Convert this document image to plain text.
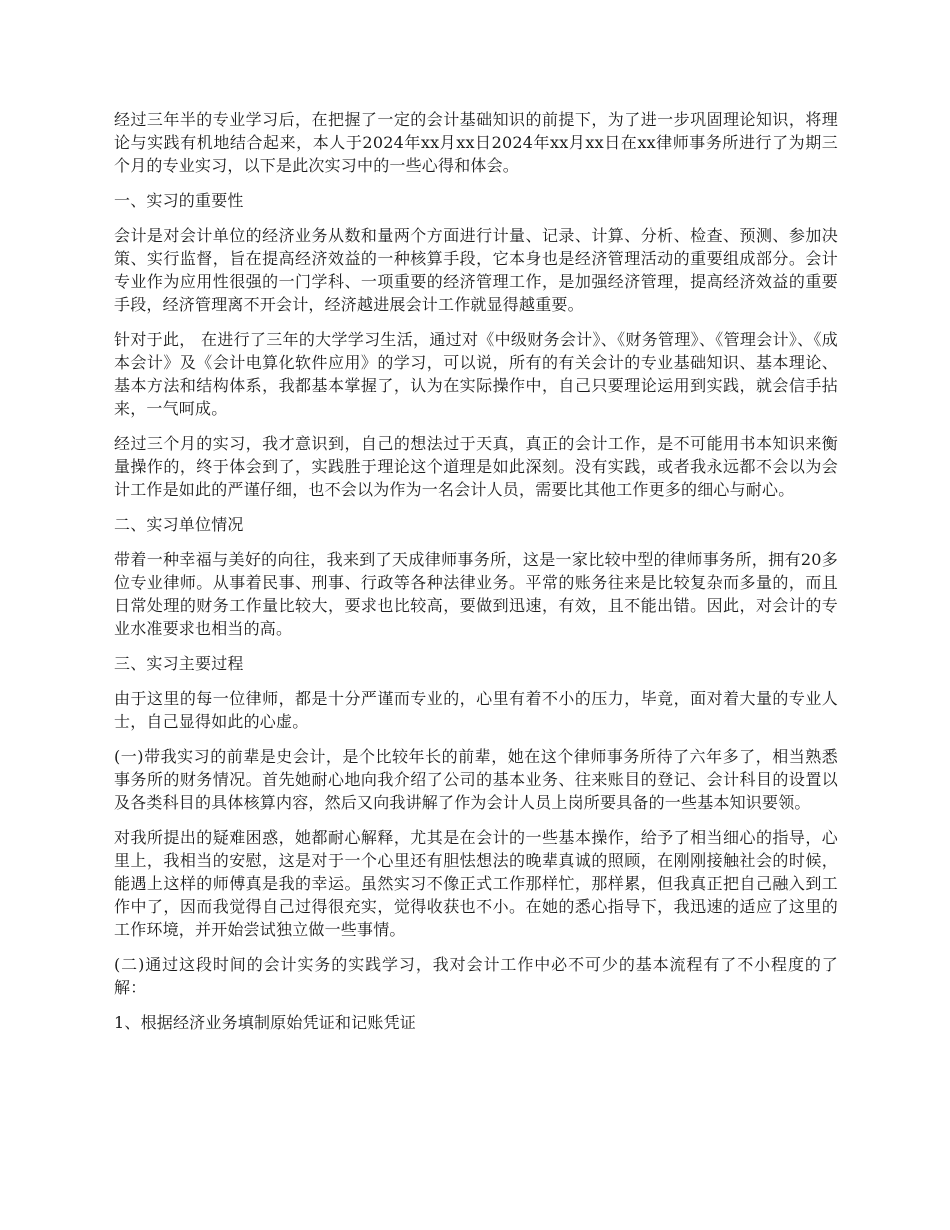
经过三年半的专业学习后，在把握了一定的会计基础知识的前提下，为了进一步巩固理论知识，将理论与实践有机地结合起来，本人于2024年xx月xx日2024年xx月xx日在xx律师事务所进行了为期三个月的专业实习，以下是此次实习中的一些心得和体会。

一、实习的重要性

会计是对会计单位的经济业务从数和量两个方面进行计量、记录、计算、分析、检查、预测、参加决策、实行监督，旨在提高经济效益的一种核算手段，它本身也是经济管理活动的重要组成部分。会计专业作为应用性很强的一门学科、一项重要的经济管理工作，是加强经济管理，提高经济效益的重要手段，经济管理离不开会计，经济越进展会计工作就显得越重要。

针对于此， 在进行了三年的大学学习生活，通过对《中级财务会计》、《财务管理》、《管理会计》、《成本会计》及《会计电算化软件应用》的学习，可以说，所有的有关会计的专业基础知识、基本理论、基本方法和结构体系，我都基本掌握了，认为在实际操作中，自己只要理论运用到实践，就会信手拈来，一气呵成。

经过三个月的实习，我才意识到，自己的想法过于天真，真正的会计工作，是不可能用书本知识来衡量操作的，终于体会到了，实践胜于理论这个道理是如此深刻。没有实践，或者我永远都不会以为会计工作是如此的严谨仔细，也不会以为作为一名会计人员，需要比其他工作更多的细心与耐心。

二、实习单位情况

带着一种幸福与美好的向往，我来到了天成律师事务所，这是一家比较中型的律师事务所，拥有20多位专业律师。从事着民事、刑事、行政等各种法律业务。平常的账务往来是比较复杂而多量的，而且日常处理的财务工作量比较大，要求也比较高，要做到迅速，有效，且不能出错。因此，对会计的专业水准要求也相当的高。

三、实习主要过程

由于这里的每一位律师，都是十分严谨而专业的，心里有着不小的压力，毕竟，面对着大量的专业人士，自己显得如此的心虚。

(一)带我实习的前辈是史会计，是个比较年长的前辈，她在这个律师事务所待了六年多了，相当熟悉事务所的财务情况。首先她耐心地向我介绍了公司的基本业务、往来账目的登记、会计科目的设置以及各类科目的具体核算内容，然后又向我讲解了作为会计人员上岗所要具备的一些基本知识要领。

对我所提出的疑难困惑，她都耐心解释，尤其是在会计的一些基本操作，给予了相当细心的指导，心里上，我相当的安慰，这是对于一个心里还有胆怯想法的晚辈真诚的照顾，在刚刚接触社会的时候，能遇上这样的师傅真是我的幸运。虽然实习不像正式工作那样忙，那样累，但我真正把自己融入到工作中了，因而我觉得自己过得很充实，觉得收获也不小。在她的悉心指导下，我迅速的适应了这里的工作环境，并开始尝试独立做一些事情。

(二)通过这段时间的会计实务的实践学习，我对会计工作中必不可少的基本流程有了不小程度的了解：

1、根据经济业务填制原始凭证和记账凭证
